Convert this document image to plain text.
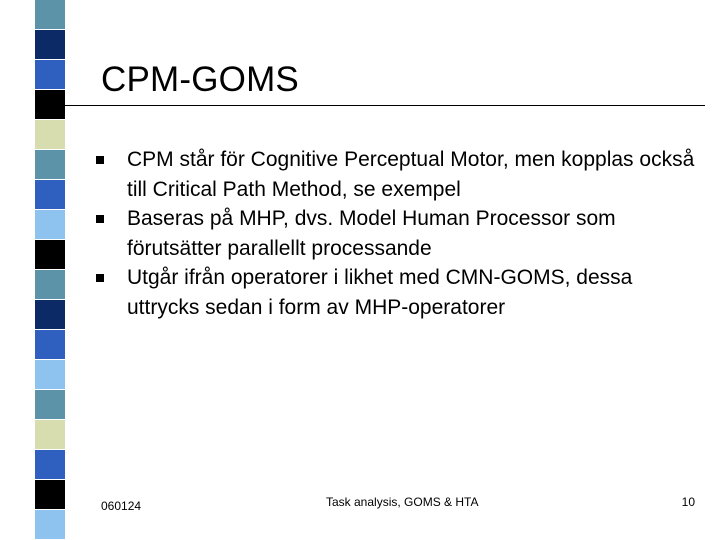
CPM-GOMS
CPM står för Cognitive Perceptual Motor, men kopplas också till Critical Path Method, se exempel
Baseras på MHP, dvs. Model Human Processor som förutsätter parallellt processande
Utgår ifrån operatorer i likhet med CMN-GOMS, dessa uttrycks sedan i form av MHP-operatorer
060124	Task analysis, GOMS & HTA	10
